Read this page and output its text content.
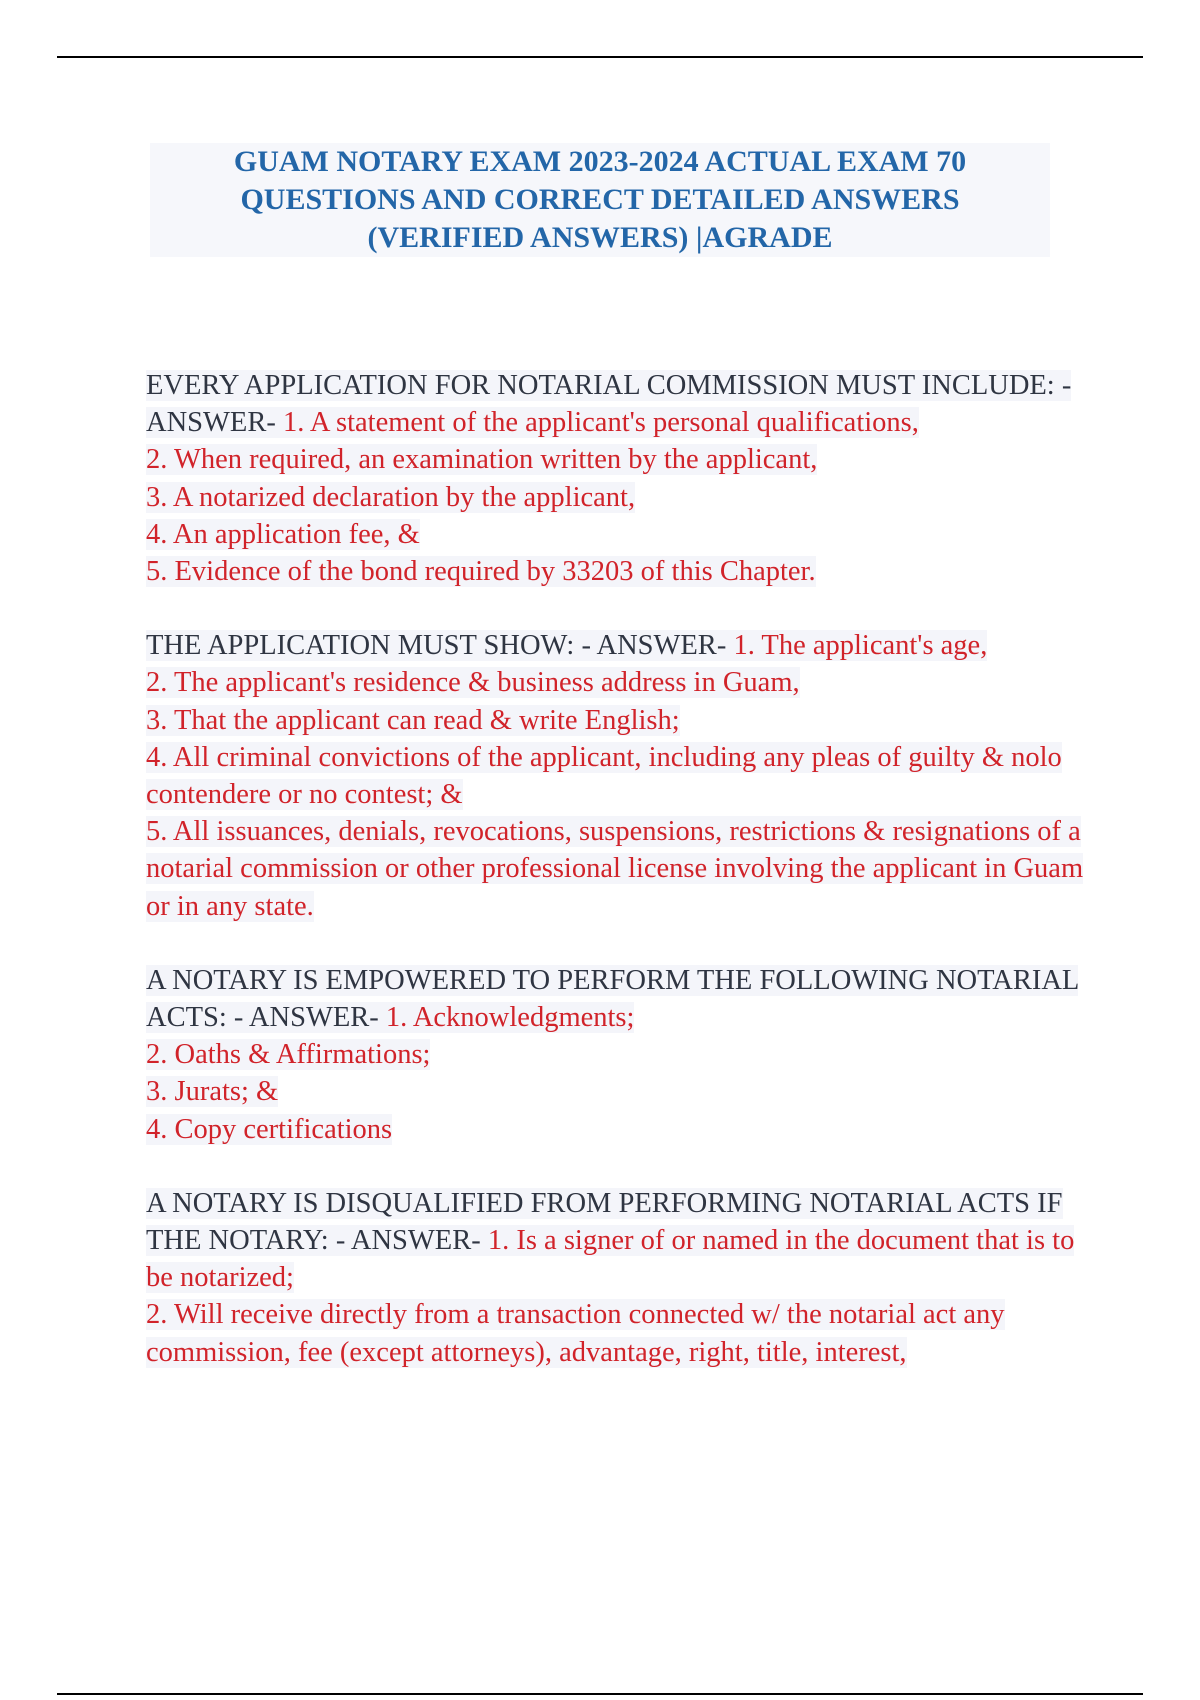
GUAM NOTARY EXAM 2023-2024 ACTUAL EXAM 70
QUESTIONS AND CORRECT DETAILED ANSWERS
(VERIFIED ANSWERS) |AGRADE
EVERY APPLICATION FOR NOTARIAL COMMISSION MUST INCLUDE: - ANSWER- 1. A statement of the applicant's personal qualifications,
2. When required, an examination written by the applicant,
3. A notarized declaration by the applicant,
4. An application fee, &
5. Evidence of the bond required by 33203 of this Chapter.
THE APPLICATION MUST SHOW: - ANSWER- 1. The applicant's age,
2. The applicant's residence & business address in Guam,
3. That the applicant can read & write English;
4. All criminal convictions of the applicant, including any pleas of guilty & nolo contendere or no contest; &
5. All issuances, denials, revocations, suspensions, restrictions & resignations of a notarial commission or other professional license involving the applicant in Guam or in any state.
A NOTARY IS EMPOWERED TO PERFORM THE FOLLOWING NOTARIAL ACTS: - ANSWER- 1. Acknowledgments;
2. Oaths & Affirmations;
3. Jurats; &
4. Copy certifications
A NOTARY IS DISQUALIFIED FROM PERFORMING NOTARIAL ACTS IF THE NOTARY: - ANSWER- 1. Is a signer of or named in the document that is to be notarized;
2. Will receive directly from a transaction connected w/ the notarial act any commission, fee (except attorneys), advantage, right, title, interest,
